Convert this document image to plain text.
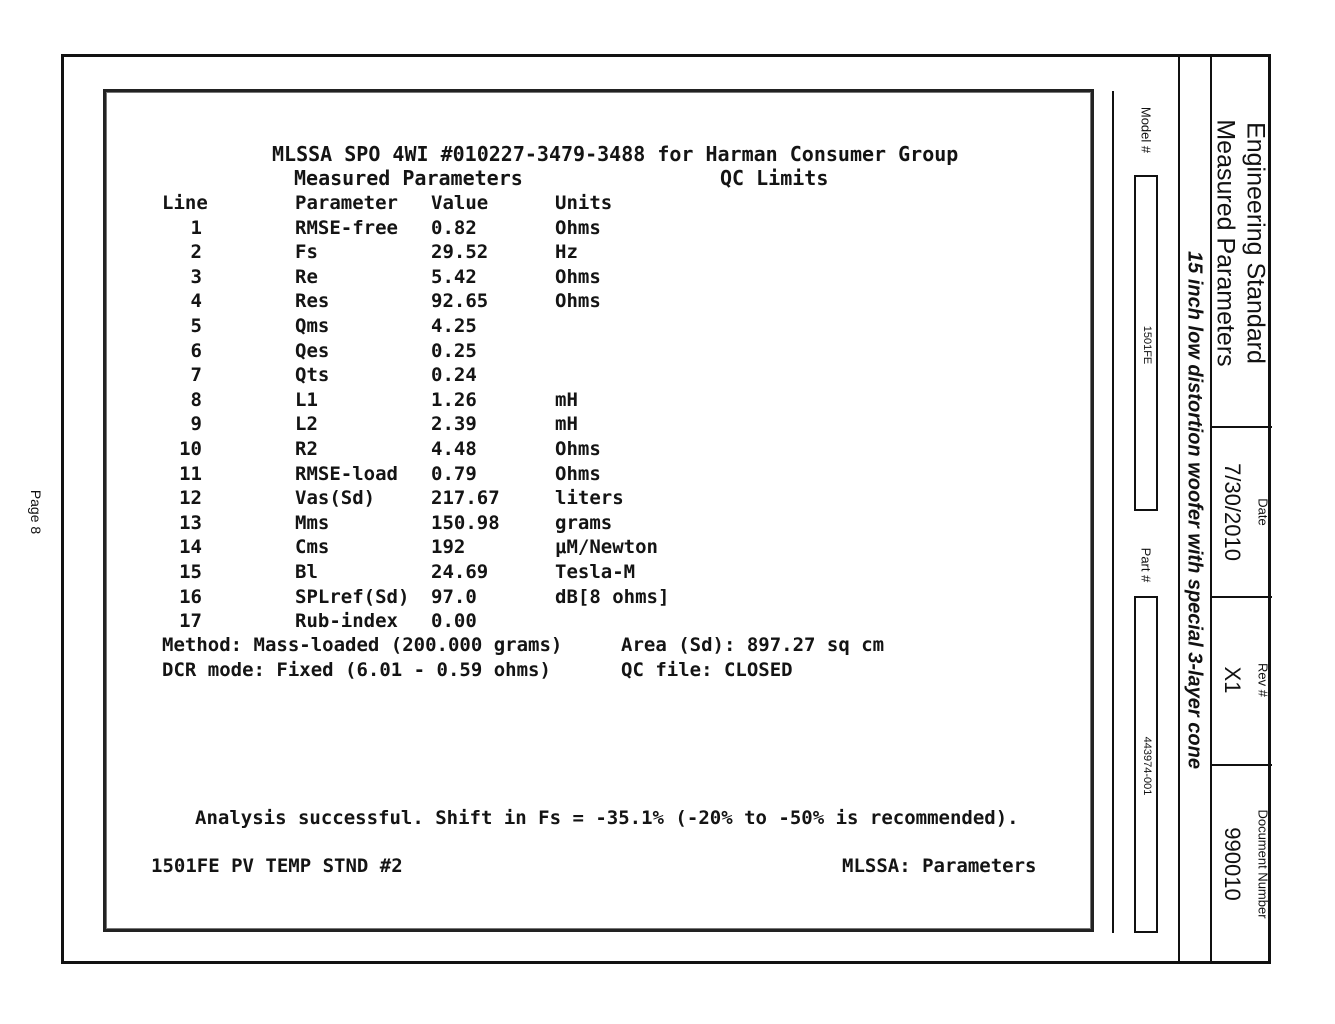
Page 8
MLSSA SPO 4WI #010227-3479-3488 for Harman Consumer Group
Measured Parameters	QC Limits
Line	Parameter Value	Units
1	RMSE-free 0.82	Ohms
2	Fs	29.52	Hz
3	Re	5.42	Ohms
4	Res	92.65	Ohms
5	Qms	4.25
6	Qes	0.25
7	Qts	0.24
8	L1	1.26	mH
9	L2	2.39	mH
10	R2	4.48	Ohms
11	RMSE-load 0.79	Ohms
12	Vas(Sd)	217.67	liters
13	Mms	150.98	grams
14	Cms	192	μM/Newton
15	Bl	24.69	Tesla-M
16	SPLref(Sd) 97.0	dB[8 ohms]
17	Rub-index 0.00
Method: Mass-loaded (200.000 grams)	Area (Sd): 897.27 sq cm
DCR mode: Fixed (6.01 - 0.59 ohms)	QC file: CLOSED
Analysis successful. Shift in Fs = -35.1% (-20% to -50% is recommended).
1501FE PV TEMP STND #2	MLSSA: Parameters
Model #
1501FE
Part #
443974-001 15 inch low distortion woofer with special 3-layer cone
Engineering Standard
Measured Parameters
Date
7/30/2010
Rev #
X1
Document Number
990010
